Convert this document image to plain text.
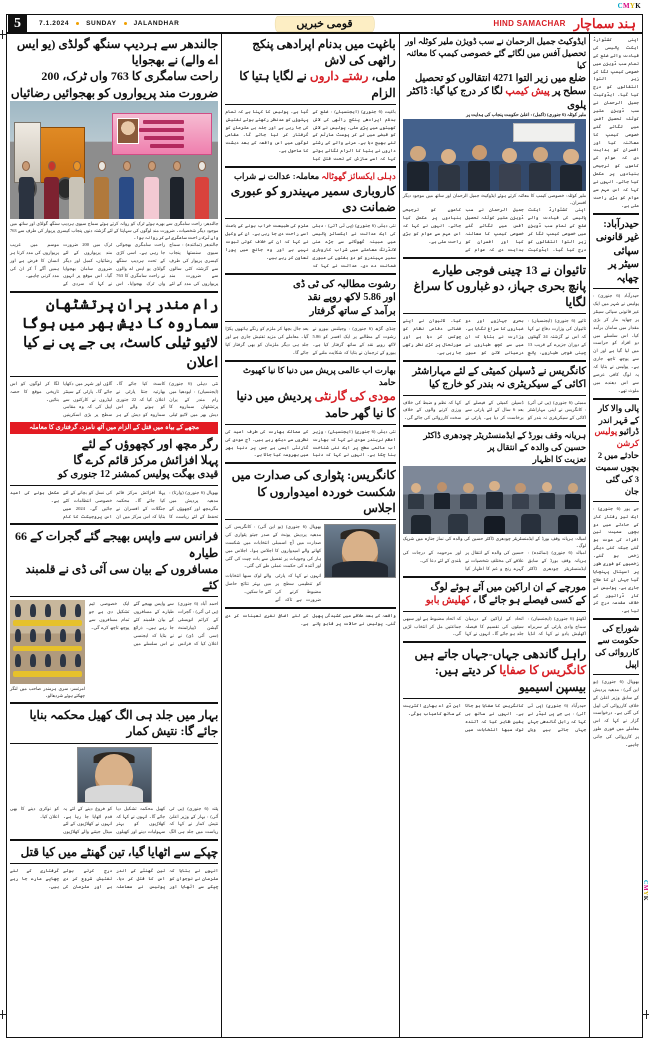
CMYK
CMYK
5	7.1.2024	SUNDAY	JALANDHAR	قومی خبریں	HIND SAMACHAR ہند سماچار
اپنی کشٹوارڈ ایکٹ پالیسی کی قیادت والے ضلع کے تمام سب ڈویژن میں خصوصی کیمپ لگا کر زیر التوا انتقالوں کو درج کیا گیا۔ ایڈوکیٹ جمیل الرحمان نے سب ڈویژن ملیر کوٹلہ تحصیل آفس میں لگائے گئے خصوصی کیمپ کا معائنہ کیا اور افسران کو ہدایت دی کہ عوام کے کاموں کو ترجیحی بنیادوں پر مکمل کیا جائے۔ انہوں نے کہا کہ اس مہم سے عوام کو بڑی راحت ملی ہے۔
حیدرآباد: غیر قانونی
سپائی سیٹر پر چھاپہ
حیدرآباد (6 جنوری) : پولیس نے شہر میں ایک غیر قانونی سپائی سینٹر پر چھاپہ مار کر بڑی مقدار میں سامان برآمد کیا۔ اس سلسلے میں دو افراد کو حراست میں لیا گیا ہے اور ان سے پوچھ تاچھ جاری ہے۔ پولیس نے بتایا کہ یہ لوگ کافی عرصے سے اس دھندے میں ملوث تھے۔
پالی والا کار کے قہر اندر ڈرائیو پولیس کرشن
حادثے میں 2 بچوں سمیت 3 کی گئی جان
جے پور (6 جنوری) : ایک تیز رفتار کار کے حادثے میں دو بچوں سمیت تین افراد کی موت ہو گئی جبکہ کئی دیگر زخمی ہو گئے۔ زخمیوں کو فوری طور پر اسپتال پہنچایا گیا جہاں ان کا علاج جاری ہے۔ پولیس نے کار ڈرائیور کے خلاف مقدمہ درج کر لیا ہے۔
شوراج کی حکومت سے کارروائی کی اپیل
بھوپال (6 جنوری) (یو این آئی) : مدھیہ پردیش کے سابق وزیر اعلیٰ کے خلاف کارروائی کی اپیل کی گئی ہے۔ درخواست گزار نے کہا کہ اس معاملے میں فوری طور پر کارروائی کی جانی چاہیے۔
ایڈوکیٹ جمیل الرحمان نے سب ڈویژن ملیر کوٹلہ اور تحصیل آفس میں لگائے گئے خصوصی کیمپ کا معائنہ کیا
ضلع میں زیر التوا 4271 انتقالوں کو تحصیل سطح پر پیش کیمپ لگا کر درج کیا گیا: ڈاکٹر پلوی
ملیر کوٹلہ (6 جنوری) (اکمل) : اعلیٰ حکومت پنجاب کی ہدایت پر
ملیر کوٹلہ: خصوصی کیمپ کا معائنہ کرتے ہوئے ایڈوکیٹ جمیل الرحمان اور ساتھ میں موجود دیگر افسران۔
اپنی کشٹوارڈ ایکٹ پالیسی کی قیادت والے ضلع کے تمام سب ڈویژن میں خصوصی کیمپ لگا کر زیر التوا انتقالوں کو درج کیا گیا۔ ایڈوکیٹ جمیل الرحمان نے سب ڈویژن ملیر کوٹلہ تحصیل آفس میں لگائے گئے خصوصی کیمپ کا معائنہ کیا اور افسران کو ہدایت دی کہ عوام کے کاموں کو ترجیحی بنیادوں پر مکمل کیا جائے۔ انہوں نے کہا کہ اس مہم سے عوام کو بڑی راحت ملی ہے۔
تائیوان نے 13 چینی فوجی طیارے
پانچ بحری جہاز، دو غباروں کا سراغ لگایا
تائپے (6 جنوری) (ایجنسیاں) : تائیوان کی وزارت دفاع نے کہا کہ اس نے گزشتہ 24 گھنٹوں کے دوران جزیرے کے قریب 13 چینی فوجی طیاروں، پانچ بحری جہازوں اور دو غباروں کا سراغ لگایا ہے۔ وزارت نے بتایا کہ ان میں سے کچھ طیاروں نے درمیانی لائن کو عبور کیا۔ تائیوان نے اپنے فضائی دفاعی نظام کو چوکس کر دیا ہے اور صورتحال پر کڑی نظر رکھی جا رہی ہے۔
کانگریس نے ڈسپلن کمیٹی کے لئے مہاراشٹر
اکائی کے سیکریٹری نہ بندر کو خارج کیا
ممبئی (6 جنوری) (پی ٹی آئی) : کانگریس نے اپنی مہاراشٹر اکائی کے سیکریٹری نہ بندر کو ڈسپلن کمیٹی کے فیصلے کے بعد 6 سال کے لئے پارٹی سے برخاست کر دیا ہے۔ پارٹی نے کہا کہ نظم و ضبط کی خلاف ورزی کرنے والوں کے خلاف سخت کارروائی کی جائے گی۔
ہریانہ وقف بورڈ کے ایڈمنسٹریٹر چودھری ڈاکٹر حسین کی والدہ کے انتقال پر
تعزیت کا اظہار
امبالہ: ہریانہ وقف بورڈ کے ایڈمنسٹریٹر چودھری ڈاکٹر حسین کی والدہ کی نماز جنازہ میں شریک لوگ۔
امبالہ (6 جنوری) (نمائندہ) : ہریانہ وقف بورڈ کے سابق ایڈمنسٹریٹر چودھری ڈاکٹر حسین کی والدہ کے انتقال پر علاقے کی مختلف شخصیات نے گہرے رنج و غم کا اظہار کیا اور مرحومہ کے درجات کی بلندی کے لئے دعا کی۔
مورچے کے ان اراکین میں آئے ہوئے لوگ
کے کسی فیصلے ہو جائے گا ، کھلیش بابو
لکھنؤ (6 جنوری) (ایجنسیاں) : سماج وادی پارٹی کے سربراہ اکھلیش یادو نے کہا کہ انڈیا اتحاد کے اراکین کے درمیان سیٹوں کی تقسیم کا فیصلہ جلد ہو جائے گا۔ انہوں نے کہا کہ اتحاد مضبوط ہے اور سبھی جماعتیں مل کر انتخاب لڑیں گی۔
راہل گاندھی جہاں-جہاں جاتے ہیں کانگریس کا صفایا کر دیتے ہیں: بیسپن اسیمیو
حیدرآباد (6 جنوری) (پی ٹی آئی) : بی جے پی لیڈر نے کہا کہ راہل گاندھی جہاں جہاں جاتے ہیں وہاں کانگریس کا صفایا ہو جاتا ہے۔ انہوں نے ساتھ ہی یقین ظاہر کیا کہ آئندہ لوک سبھا انتخابات میں این ڈی اے بھاری اکثریت کے ساتھ کامیاب ہوگی۔
باغپت میں بدنام اپرادھی پنکج راٹھی کی لاش
ملی، رشتے داروں نے لگایا ہتیا کا الزام
باغپت (6 جنوری) (ایجنسیاں) : ضلع کے بدنام اپرادھی پنکج راٹھی کی لاش کھیتوں میں پڑی ملی۔ پولیس نے لاش کو قبضے میں لے کر پوسٹ مارٹم کے لئے بھیج دیا ہے۔ مرنے والے کے رشتے داروں نے ہتیا کا الزام لگاتے ہوئے کہا کہ اسے سازش کے تحت قتل کیا گیا ہے۔ پولیس کا کہنا ہے کہ تمام پہلوؤں کو مدنظر رکھتے ہوئے تفتیش کی جا رہی ہے اور جلد ہی ملزمان کو گرفتار کر لیا جائے گا۔ مقامی لوگوں میں اس واقعہ کے بعد دہشت کا ماحول ہے۔
دہلی ایکسائز گھوٹالہ معاملہ: عدالت نے شراب
کاروباری سمیر مہیندرو کو عبوری ضمانت دی
نئی دہلی (6 جنوری) (پی ٹی آئی) : دہلی کی ایک عدالت نے ایکسائز پالیسی میں مبینہ گھوٹالے سے جڑے منی لانڈرنگ معاملے میں شراب کاروباری سمیر مہیندرو کو دو ہفتوں کی عبوری ضمانت دے دی۔ عدالت نے کہا کہ ملزم کی طبیعت خراب ہونے کے باعث اسے راحت دی جا رہی ہے۔ ان کے وکیل نے کہا کہ ان کے خلاف کوئی ثبوت نہیں ہے اور وہ جانچ میں پورا تعاون کر رہے ہیں۔
رشوت مطالبہ کی ٹی ڈی
اور 5.86 لاکھ روپے نقد
برآمد کے ساتھ گرفتار
چنڈی گڑھ (6 جنوری) : وجیلنس بیورو نے رشوت کے مطالبے پر ایک افسر کو 5.86 لاکھ روپے نقد کے ساتھ گرفتار کیا ہے۔ بیورو کے ترجمان نے بتایا کہ شکایت ملنے کے بعد جال بچھا کر ملزم کو رنگے ہاتھوں پکڑا گیا۔ معاملے کی مزید تفتیش جاری ہے اور جلد ہی دیگر ملزمان کو بھی گرفتار کیا جائے گا۔
بھارت اب عالمی پریش میں دنیا کا نیا کھیوٹ حامد
مودی کی گارنٹی پردیش میں دنیا کا نیا گھر حامد
نئی دہلی (6 جنوری) (ایجنسیاں) : وزیر اعظم نریندر مودی نے کہا کہ بھارت اب عالمی سطح پر ایک نئی شناخت بنا چکا ہے۔ انہوں نے کہا کہ دنیا کے ممالک بھارت کی طرف امید کی نظروں سے دیکھ رہے ہیں۔ آج مودی کی گارنٹی ایسی ہے جس پر دنیا بھر میں بھروسہ کیا جاتا ہے۔
کانگریس: پٹواری کی صدارت میں
شکست خوردہ امیدواروں کا اجلاس
بھوپال (6 جنوری) (یو این آئی) : کانگریس کی مدھیہ پردیش یونٹ کے صدر جیتو پٹواری کی صدارت میں آج اسمبلی انتخابات میں شکست کھانے والے امیدواروں کا اجلاس ہوا۔ اجلاس میں ہار کی وجوہات پر تفصیل سے بات چیت کی گئی اور آئندہ کی حکمت عملی طے کی گئی۔
انہوں نے کہا کہ پارٹی کو تنظیمی سطح پر مضبوط کرنے کی ضرورت ہے تاکہ آنے والے لوک سبھا انتخابات میں بہتر نتائج حاصل کئے جا سکیں۔
واقعہ کے بعد علاقے میں کشیدگی پھیل گئی۔ پولیس نے حالات پر قابو پانے کے لئے اضافی نفری تعینات کر دی ہے۔
جالندھر سے ہردیپ سنگھ گولڈی (یو ایس اے والے) نے بھجوایا
راحت سامگری کا 763 واں ٹرک، 200 ضرورت مند پریواروں کو بھجوائیں رضائیاں
جالندھر: راحت سامگری سے بھرے ہوئے ٹرک کو روانہ کرتے ہوئے سماج سیوی ہردیپ سنگھ گولڈی اور ساتھ میں موجود دیگر شخصیات۔ ضرورت مند لوگوں کی سہایتا کے لئے گزشتہ دنوں پنجاب کیسری پریوار کی طرف سے 763 واں ٹرک راحت سامگری لے کر روانہ ہوا۔
جالندھر (نمائندہ) : سماج سیوی سنستھا پنجاب کیسری پریوار کی طرف سے گزشتہ کئی سالوں سے ضرورت مند پریواروں کی مدد کے لئے راحت سامگری بھجوائی جا رہی ہے۔ اسی کڑی کے تحت ہردیپ سنگھ گولڈی یو ایس اے والوں نے راحت سامگری کا 763 واں ٹرک بھجوایا۔ اس ٹرک میں 200 ضرورت مند پریواروں کے لئے رضائیاں، کمبل اور دیگر ضروری سامان بھجوایا گیا۔ اس موقع پر انہوں نے کہا کہ سردی کے موسم میں غریب پریواروں کی مدد کرنا ہر انسان کا فرض ہے اور ہمیں آگے آ کر ان کی مدد کرنی چاہیے۔
رام مندر پران پرتشٹھان سماروہ کا دیش بھر میں ہوگا
لائیو ٹیلی کاسٹ، بی جے پی نے کیا اعلان
نئی دہلی (6 جنوری) (ایجنسیاں) : ایودھیا میں رام مندر کے پران پرتشٹھان سماروہ کا دیش بھر میں لائیو ٹیلی کاسٹ کیا جائے گا۔ بھارتیہ جنتا پارٹی نے اعلان کیا کہ 22 جنوری کو ہونے والے اس سماروہ کو دیش کے ہر گاؤں اور شہر میں دکھایا جائے گا۔ پارٹی کے سینئر لیڈروں نے کارکنوں سے اپیل کی کہ وہ مقامی سطح پر بڑی اسکرینیں لگا کر لوگوں کو اس تاریخی موقع کا حصہ بنائیں۔
مجھے کے بیاہ میں قتل کے الزام میں آٹھ نامزد، گرفتاری کا معاملہ
رگر مچھ اور کچھوؤں کے لئے
پہلا افزائش مرکز قائم کرے گا
قیدی بھگت پولیس کمشنر 12 جنوری کو
بھوپال (6 جنوری) (وارتا) : مدھیہ پردیش میں مگرمچھ اور کچھوؤں کے تحفظ کے لئے ریاست کا پہلا افزائش مرکز قائم کیا جائے گا۔ محکمہ جنگلات کے افسران نے بتایا کہ اس مرکز میں ان کی نسل کو بچانے کے لئے خصوصی انتظامات کئے جائیں گے۔ 2024 میں اس پروجیکٹ کا کام مکمل ہونے کی امید ہے۔
فرانس سے واپس بھیجے گئے گجرات کے 66 طیارہ
مسافروں کے بیان سی آئی ڈی نے قلمبند کئے
احمد آباد (6 جنوری) (پی ٹی آئی) : گجرات کے کرائم انویسٹی گیشن ڈیپارٹمنٹ (سی آئی ڈی) نے اعلان کیا کہ فرانس سے واپس بھیجے گئے طیارے کے مسافروں کے بیان قلمبند کئے جا رہے ہیں۔ ذرائع نے بتایا کہ ایجنسی نے اس سلسلے میں ایک خصوصی ٹیم تشکیل دی ہے جو تمام مسافروں سے پوچھ تاچھ کرے گی۔
امرتسر: سری ہرمندر صاحب میں لنگر چھکتے ہوئے شردھالو۔
بہار میں جلد ہی الگ کھیل محکمہ بنایا جائے گا: نتیش کمار
پٹنہ (6 جنوری) (پی ٹی آئی) : بہار کے وزیر اعلیٰ نتیش کمار نے کہا کہ ریاست میں جلد ہی الگ کھیل محکمہ تشکیل دیا جائے گا۔ انہوں نے کہا کہ کھلاڑیوں کو بہتر سہولیات دینے اور کھیلوں کو فروغ دینے کے لئے یہ قدم اٹھایا جا رہا ہے۔ انہوں نے کھلاڑیوں کے لئے میڈل جیتنے والے کھلاڑیوں کو نوکری دینے کا بھی اعلان کیا۔
چپکے سے اٹھایا گیا، تین گھنٹے میں کیا قتل
انہوں نے بتایا کہ ملزمان نے نوجوان کو چپکے سے اٹھایا اور تین گھنٹے کے اندر اس کا قتل کر دیا۔ پولیس نے معاملہ درج کرتے ہوئے تفتیش شروع کر دی ہے اور ملزمان کی گرفتاری کے لئے چھاپے مارے جا رہے ہیں۔
